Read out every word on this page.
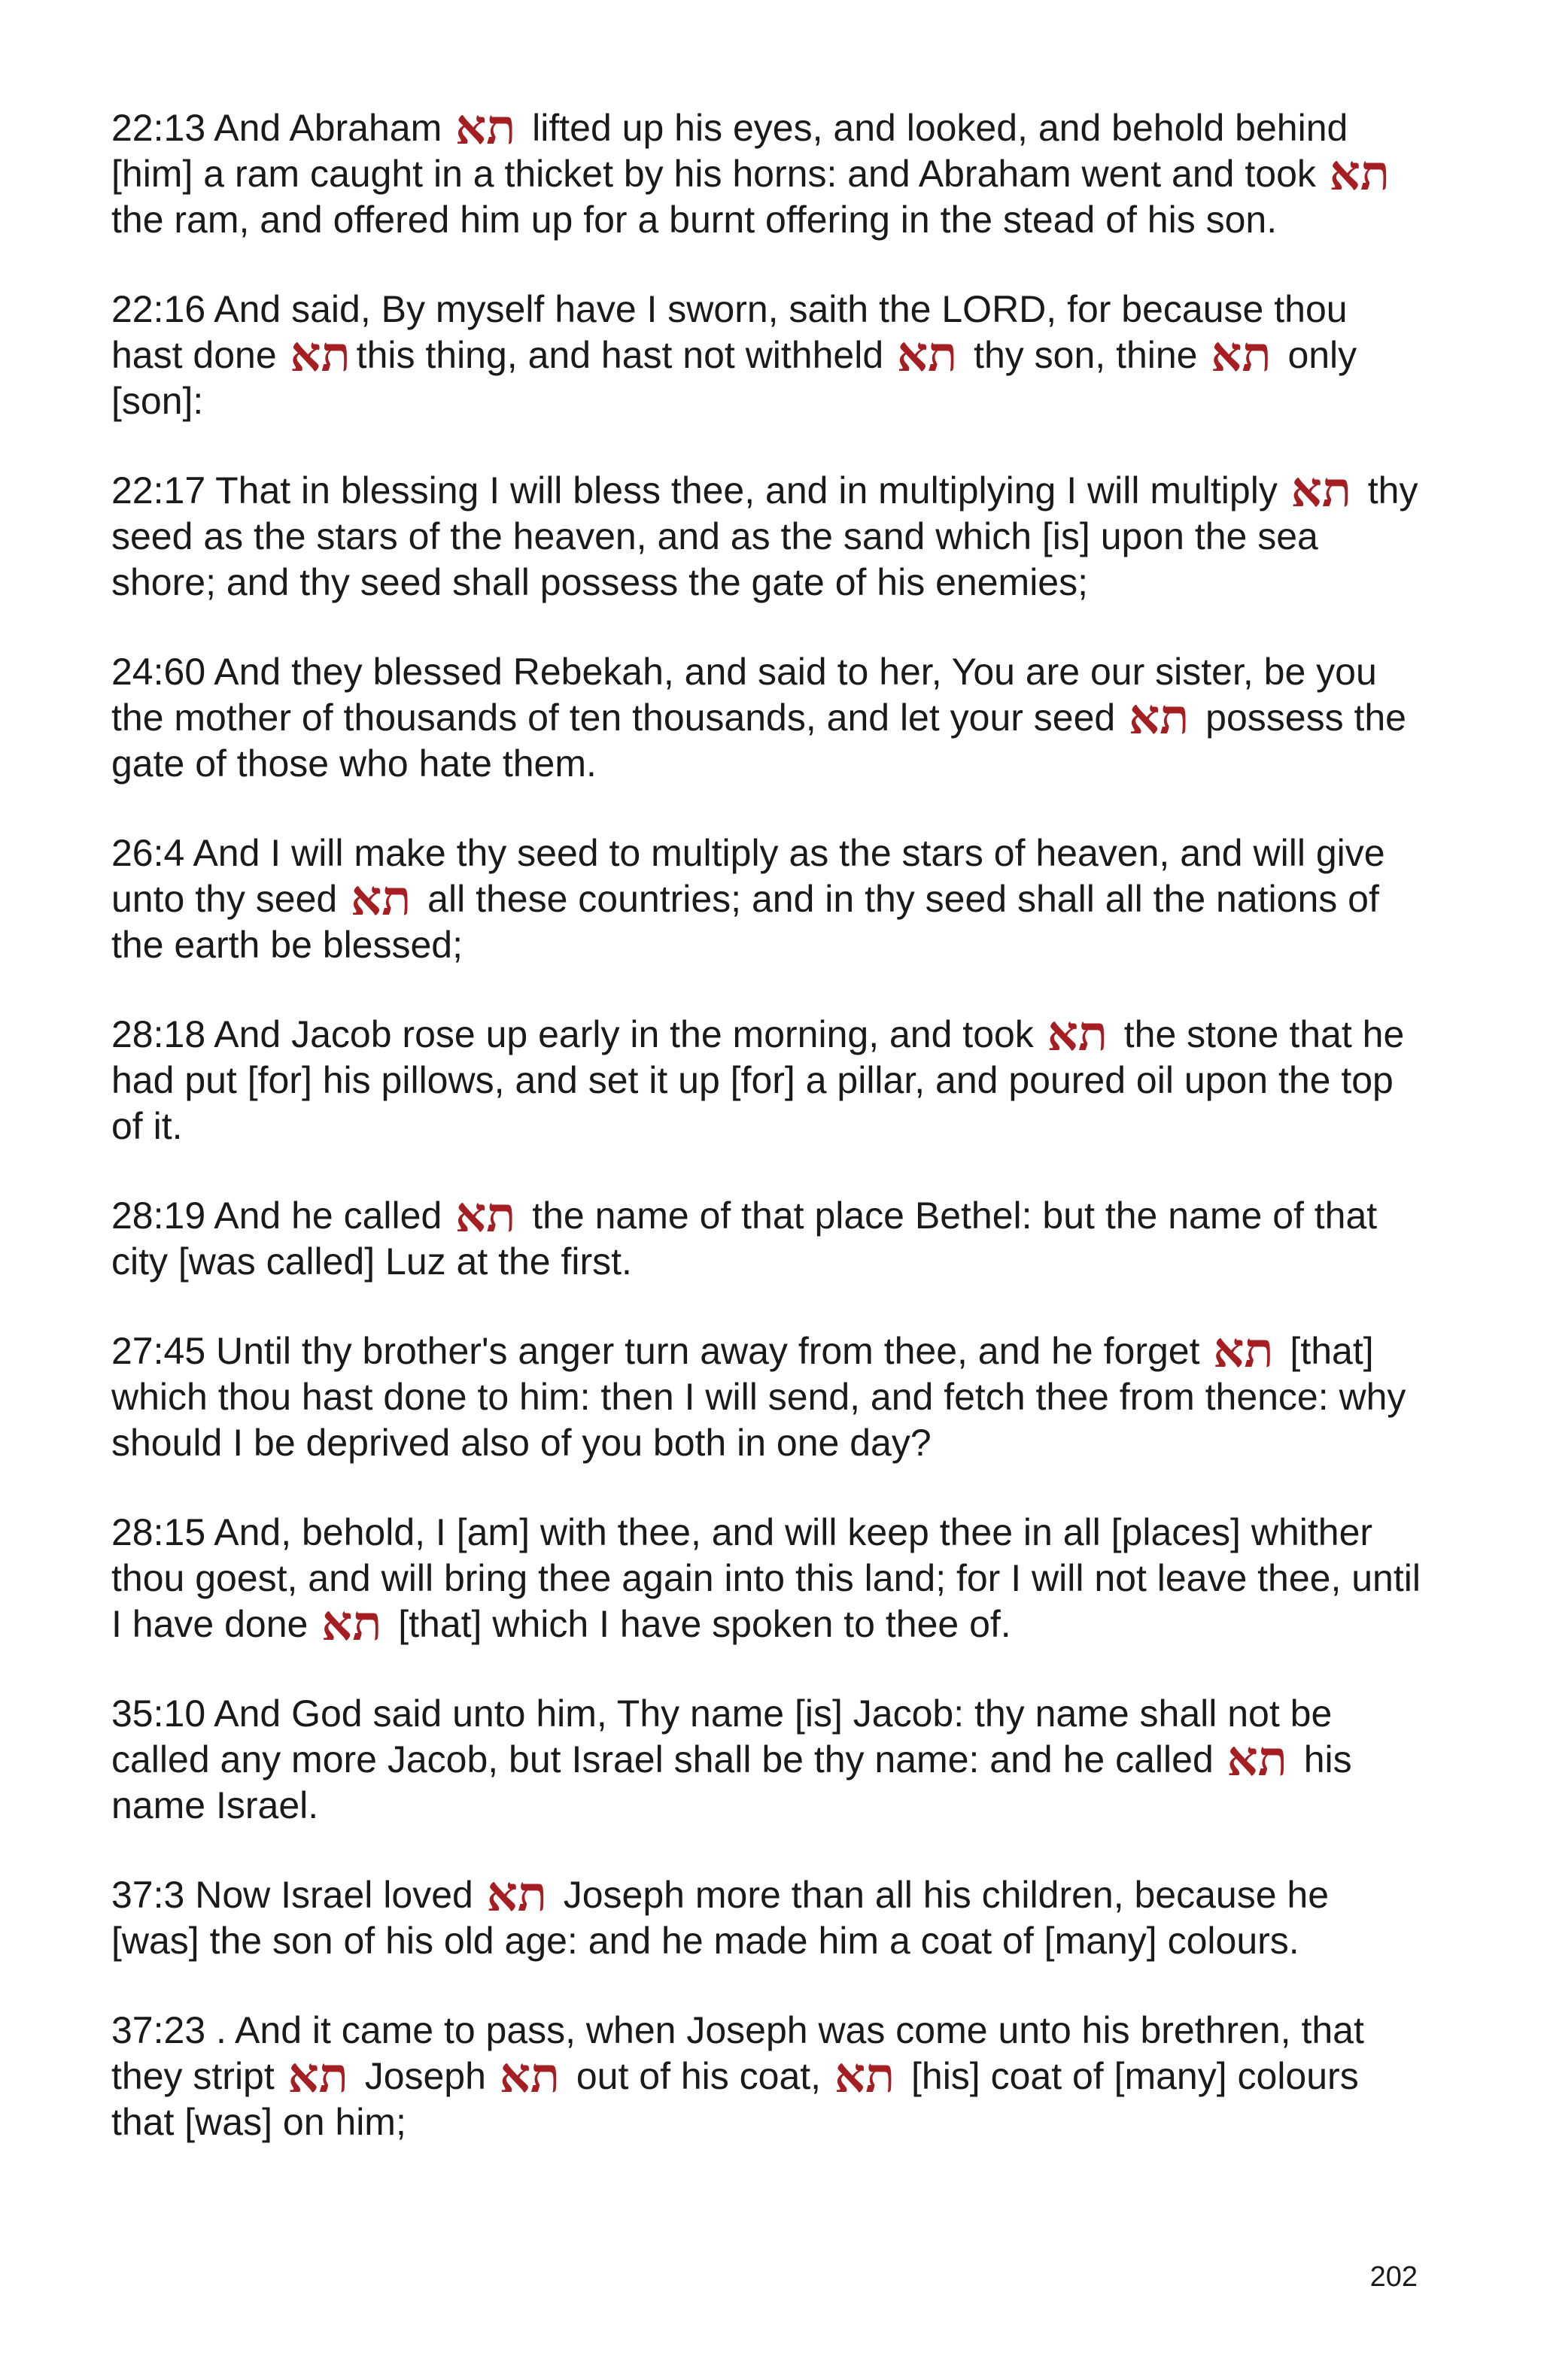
22:13 And Abraham תא lifted up his eyes, and looked, and behold behind [him] a ram caught in a thicket by his horns: and Abraham went and took תא the ram, and offered him up for a burnt offering in the stead of his son.

22:16 And said, By myself have I sworn, saith the LORD, for because thou hast done תא this thing, and hast not withheld תא thy son, thine תא only [son]:

22:17 That in blessing I will bless thee, and in multiplying I will multiply תא thy seed as the stars of the heaven, and as the sand which [is] upon the sea shore; and thy seed shall possess the gate of his enemies;

24:60 And they blessed Rebekah, and said to her, You are our sister, be you the mother of thousands of ten thousands, and let your seed תא possess the gate of those who hate them.

26:4 And I will make thy seed to multiply as the stars of heaven, and will give unto thy seed תא all these countries; and in thy seed shall all the nations of the earth be blessed;

28:18 And Jacob rose up early in the morning, and took תא the stone that he had put [for] his pillows, and set it up [for] a pillar, and poured oil upon the top of it.

28:19 And he called תא the name of that place Bethel: but the name of that city [was called] Luz at the first.

27:45 Until thy brother's anger turn away from thee, and he forget תא [that] which thou hast done to him: then I will send, and fetch thee from thence: why should I be deprived also of you both in one day?

28:15 And, behold, I [am] with thee, and will keep thee in all [places] whither thou goest, and will bring thee again into this land; for I will not leave thee, until I have done תא [that] which I have spoken to thee of.

35:10 And God said unto him, Thy name [is] Jacob: thy name shall not be called any more Jacob, but Israel shall be thy name: and he called תא his name Israel.

37:3 Now Israel loved תא Joseph more than all his children, because he [was] the son of his old age: and he made him a coat of [many] colours.

37:23 . And it came to pass, when Joseph was come unto his brethren, that they stript תא Joseph תא out of his coat, תא [his] coat of [many] colours that [was] on him;

202
